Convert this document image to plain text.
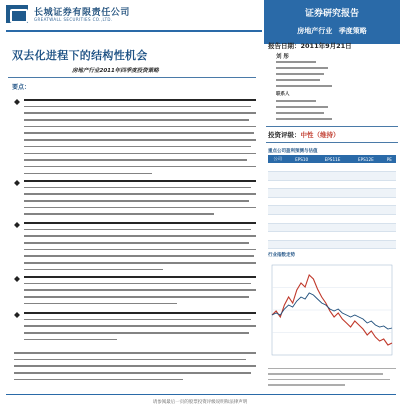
长城证券有限责任公司
GREATWALL SECURITIES CO.,LTD.
证券研究报告
房地产行业 季度策略
双去化进程下的结构性机会
房地产行业2011年四季度投资策略
要点：
报告日期：2011年9月21日
刘 彤
联系人
投资评级：中性（维持）
重点公司盈利预测与估值
公司	EPS10	EPS11E	EPS12E	PE

行业指数走势
请参阅最后一页的股票投资评级说明和法律声明
